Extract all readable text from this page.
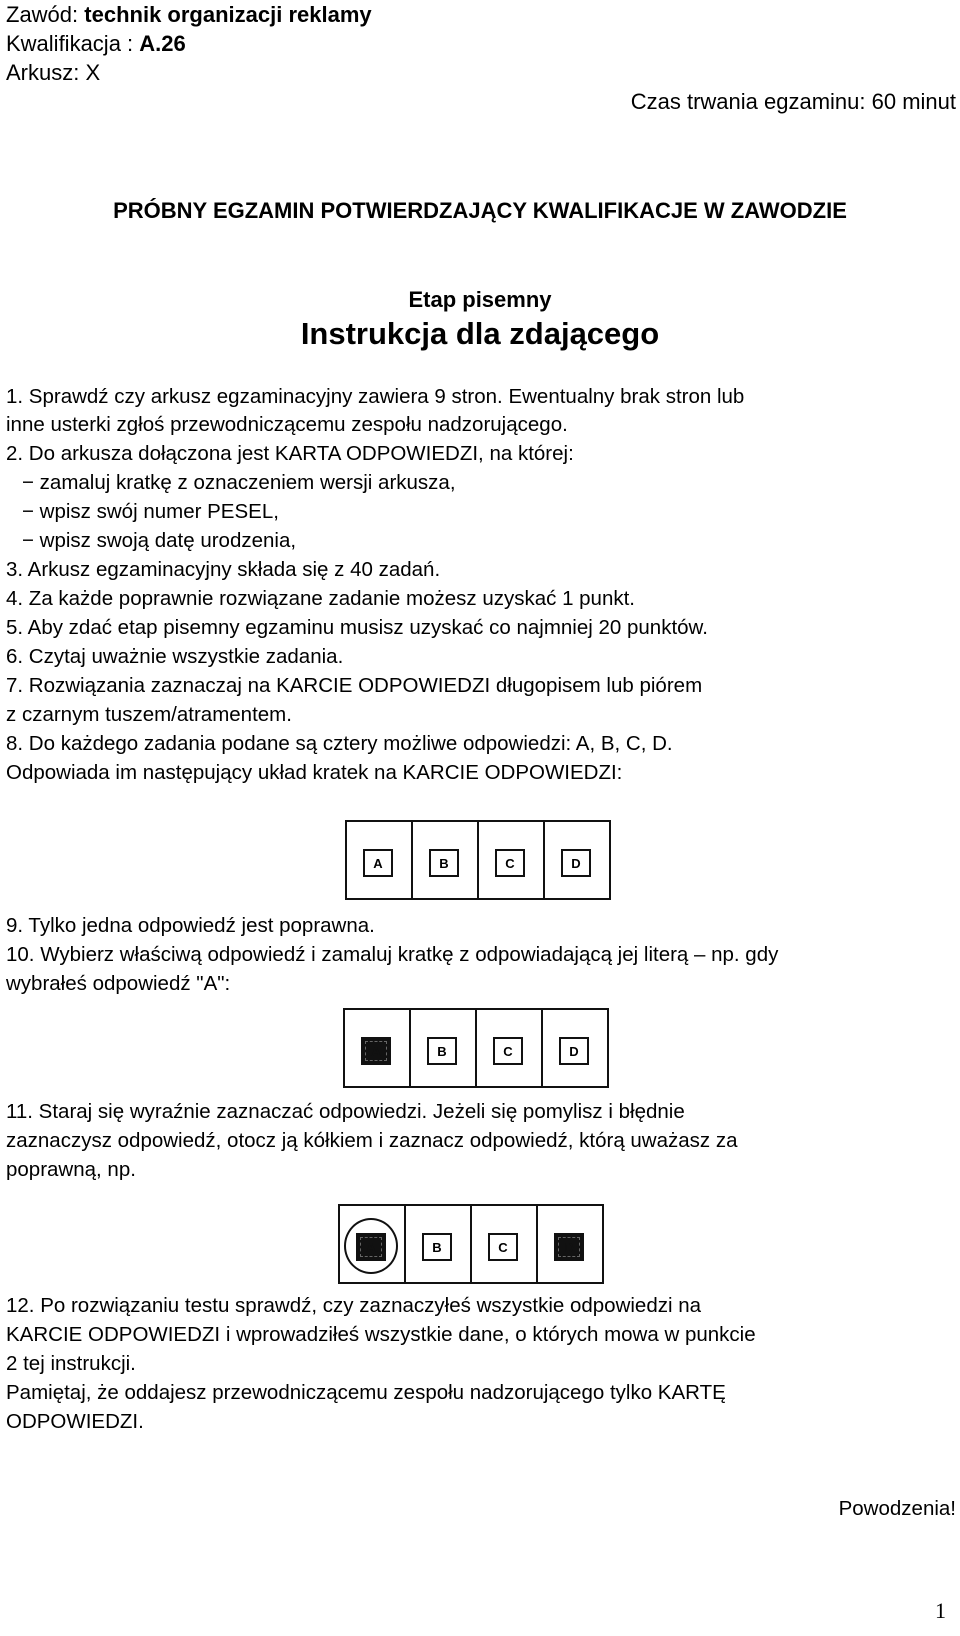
Zawód: technik organizacji reklamy
Kwalifikacja : A.26
Arkusz: X
Czas trwania egzaminu: 60 minut
PRÓBNY EGZAMIN POTWIERDZAJĄCY KWALIFIKACJE W ZAWODZIE
Etap pisemny
Instrukcja dla zdającego
1. Sprawdź czy arkusz egzaminacyjny zawiera 9 stron. Ewentualny brak stron lub
inne usterki zgłoś przewodniczącemu zespołu nadzorującego.
2. Do arkusza dołączona jest KARTA ODPOWIEDZI, na której:
− zamaluj kratkę z oznaczeniem wersji arkusza,
− wpisz swój numer PESEL,
− wpisz swoją datę urodzenia,
3. Arkusz egzaminacyjny składa się z 40 zadań.
4. Za każde poprawnie rozwiązane zadanie możesz uzyskać 1 punkt.
5. Aby zdać etap pisemny egzaminu musisz uzyskać co najmniej 20 punktów.
6. Czytaj uważnie wszystkie zadania.
7. Rozwiązania zaznaczaj na KARCIE ODPOWIEDZI długopisem lub piórem
z czarnym tuszem/atramentem.
8. Do każdego zadania podane są cztery możliwe odpowiedzi: A, B, C, D.
Odpowiada im następujący układ kratek na KARCIE ODPOWIEDZI:
A	B	C	D
9. Tylko jedna odpowiedź jest poprawna.
10. Wybierz właściwą odpowiedź i zamaluj kratkę z odpowiadającą jej literą – np. gdy
wybrałeś odpowiedź "A":
A	B	C	D
11. Staraj się wyraźnie zaznaczać odpowiedzi. Jeżeli się pomylisz i błędnie
zaznaczysz odpowiedź, otocz ją kółkiem i zaznacz odpowiedź, którą uważasz za
poprawną, np.
A	B	C	D
12. Po rozwiązaniu testu sprawdź, czy zaznaczyłeś wszystkie odpowiedzi na
KARCIE ODPOWIEDZI i wprowadziłeś wszystkie dane, o których mowa w punkcie
2 tej instrukcji.
Pamiętaj, że oddajesz przewodniczącemu zespołu nadzorującego tylko KARTĘ
ODPOWIEDZI.
Powodzenia!
1
